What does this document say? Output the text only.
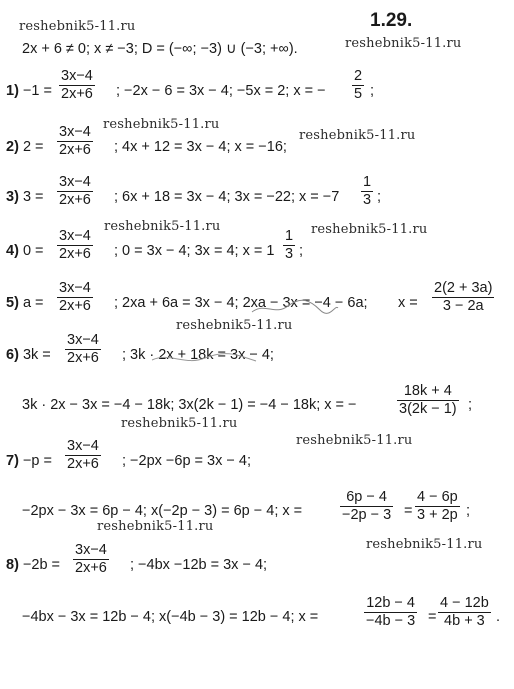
1.29.
2x + 6 ≠ 0; x ≠ −3; D = (−∞; −3) ∪ (−3; +∞).
reshebnik5-11.ru
reshebnik5-11.ru
reshebnik5-11.ru
reshebnik5-11.ru
reshebnik5-11.ru	reshebnik5-11.ru
reshebnik5-11.ru
reshebnik5-11.ru
reshebnik5-11.ru
reshebnik5-11.ru
reshebnik5-11.ru
$1) -1 = \frac{3x-4}{2x+6}$ ; −2x − 6 = 3x − 4; −5x = 2; x = − $\frac{2}{5}$ ;
2) $2 = \frac{3x-4}{2x+6}$ ; 4x + 12 = 3x − 4; x = −16;
3) $3 = \frac{3x-4}{2x+6}$ ; 6x + 18 = 3x − 4; 3x = −22; $x = -7 \frac{1}{3}$ ;
4) $0 = \frac{3x-4}{2x+6}$ ; 0 = 3x − 4; 3x = 4; $x = 1 \frac{1}{3}$ ;
5) $a = \frac{3x-4}{2x+6}$ ; 2xa + 6a = 3x − 4; 2xa − 3x = −4 − 6a; $x = \frac{2(2 + 3a)}{3 - 2a}$
6) $3k = \frac{3x-4}{2x+6}$ ; 3k · 2x + 18k = 3x − 4;
3k · 2x − 3x = −4 − 18k; 3x(2k − 1) = −4 − 18k; x = −	$\frac{18k + 4}{3(2k - 1)}$ ;
$7) -p = \frac{3x-4}{2x+6}$ ; −2px −6p = 3x − 4;
−2px − 3x = 6p − 4; x(−2p − 3) = 6p − 4; x =	$\frac{6p - 4}{-2p - 3} = \frac{4 - 6p}{3 + 2p}$ ;
$8) -2b = \frac{3x-4}{2x+6}$ ; −4bx −12b = 3x − 4;
−4bx − 3x = 12b − 4; x(−4b − 3) = 12b − 4; x =	$\frac{12b - 4}{-4b - 3} = \frac{4 - 12b}{4b + 3}$ .
